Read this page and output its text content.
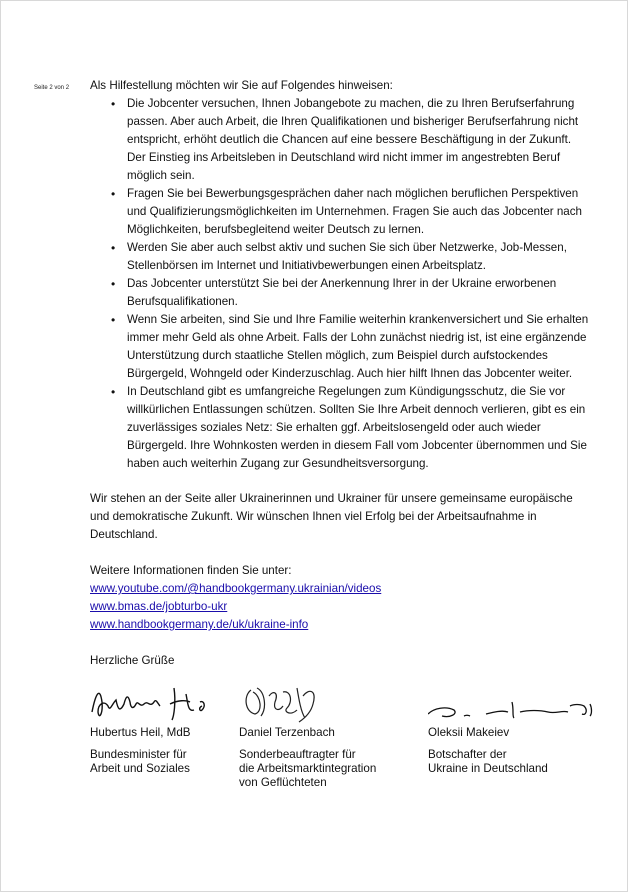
Seite 2 von 2 Als Hilfestellung möchten wir Sie auf Folgendes hinweisen:

• Die Jobcenter versuchen, Ihnen Jobangebote zu machen, die zu Ihren Berufserfahrung passen. Aber auch Arbeit, die Ihren Qualifikationen und bisheriger Berufserfahrung nicht entspricht, erhöht deutlich die Chancen auf eine bessere Beschäftigung in der Zukunft. Der Einstieg ins Arbeitsleben in Deutschland wird nicht immer im angestrebten Beruf möglich sein.
• Fragen Sie bei Bewerbungsgesprächen daher nach möglichen beruflichen Perspektiven und Qualifizierungsmöglichkeiten im Unternehmen. Fragen Sie auch das Jobcenter nach Möglichkeiten, berufsbegleitend weiter Deutsch zu lernen.
• Werden Sie aber auch selbst aktiv und suchen Sie sich über Netzwerke, Job-Messen, Stellenbörsen im Internet und Initiativbewerbungen einen Arbeitsplatz.
• Das Jobcenter unterstützt Sie bei der Anerkennung Ihrer in der Ukraine erworbenen Berufsqualifikationen.
• Wenn Sie arbeiten, sind Sie und Ihre Familie weiterhin krankenversichert und Sie erhalten immer mehr Geld als ohne Arbeit. Falls der Lohn zunächst niedrig ist, ist eine ergänzende Unterstützung durch staatliche Stellen möglich, zum Beispiel durch aufstockendes Bürgergeld, Wohngeld oder Kinderzuschlag. Auch hier hilft Ihnen das Jobcenter weiter.
• In Deutschland gibt es umfangreiche Regelungen zum Kündigungsschutz, die Sie vor willkürlichen Entlassungen schützen. Sollten Sie Ihre Arbeit dennoch verlieren, gibt es ein zuverlässiges soziales Netz: Sie erhalten ggf. Arbeitslosengeld oder auch wieder Bürgergeld. Ihre Wohnkosten werden in diesem Fall vom Jobcenter übernommen und Sie haben auch weiterhin Zugang zur Gesundheitsversorgung.

Wir stehen an der Seite aller Ukrainerinnen und Ukrainer für unsere gemeinsame europäische und demokratische Zukunft. Wir wünschen Ihnen viel Erfolg bei der Arbeitsaufnahme in Deutschland.

Weitere Informationen finden Sie unter:

www.youtube.com/@handbookgermany.ukrainian/videos
www.bmas.de/jobturbo-ukr
www.handbookgermany.de/uk/ukraine-info

Herzliche Grüße

Hubertus Heil, MdB
Bundesminister für
Arbeit und Soziales
Daniel Terzenbach
Sonderbeauftragter für
die Arbeitsmarktintegration
von Geflüchteten
Oleksii Makeiev
Botschafter der
Ukraine in Deutschland
